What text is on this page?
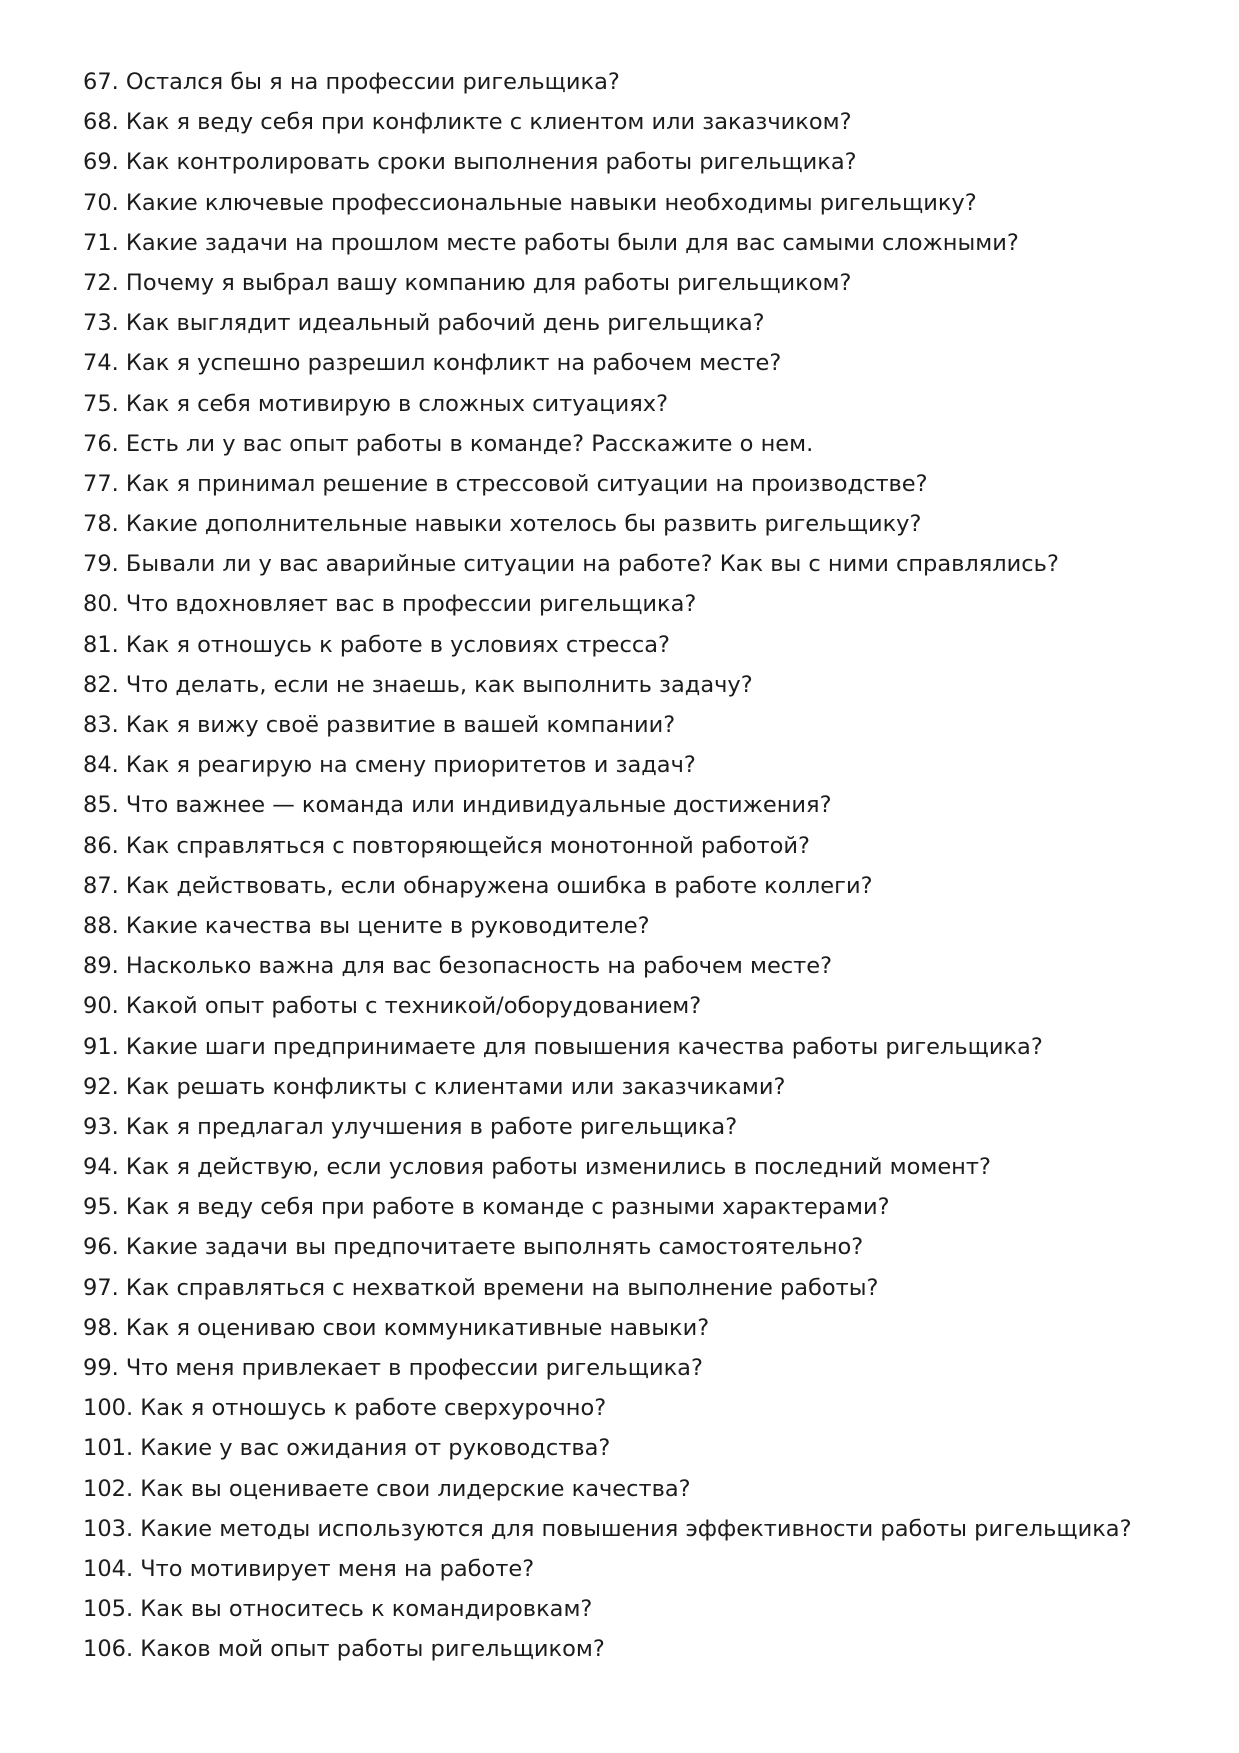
67. Остался бы я на профессии ригельщика?
68. Как я веду себя при конфликте с клиентом или заказчиком?
69. Как контролировать сроки выполнения работы ригельщика?
70. Какие ключевые профессиональные навыки необходимы ригельщику?
71. Какие задачи на прошлом месте работы были для вас самыми сложными?
72. Почему я выбрал вашу компанию для работы ригельщиком?
73. Как выглядит идеальный рабочий день ригельщика?
74. Как я успешно разрешил конфликт на рабочем месте?
75. Как я себя мотивирую в сложных ситуациях?
76. Есть ли у вас опыт работы в команде? Расскажите о нем.
77. Как я принимал решение в стрессовой ситуации на производстве?
78. Какие дополнительные навыки хотелось бы развить ригельщику?
79. Бывали ли у вас аварийные ситуации на работе? Как вы с ними справлялись?
80. Что вдохновляет вас в профессии ригельщика?
81. Как я отношусь к работе в условиях стресса?
82. Что делать, если не знаешь, как выполнить задачу?
83. Как я вижу своё развитие в вашей компании?
84. Как я реагирую на смену приоритетов и задач?
85. Что важнее — команда или индивидуальные достижения?
86. Как справляться с повторяющейся монотонной работой?
87. Как действовать, если обнаружена ошибка в работе коллеги?
88. Какие качества вы цените в руководителе?
89. Насколько важна для вас безопасность на рабочем месте?
90. Какой опыт работы с техникой/оборудованием?
91. Какие шаги предпринимаете для повышения качества работы ригельщика?
92. Как решать конфликты с клиентами или заказчиками?
93. Как я предлагал улучшения в работе ригельщика?
94. Как я действую, если условия работы изменились в последний момент?
95. Как я веду себя при работе в команде с разными характерами?
96. Какие задачи вы предпочитаете выполнять самостоятельно?
97. Как справляться с нехваткой времени на выполнение работы?
98. Как я оцениваю свои коммуникативные навыки?
99. Что меня привлекает в профессии ригельщика?
100. Как я отношусь к работе сверхурочно?
101. Какие у вас ожидания от руководства?
102. Как вы оцениваете свои лидерские качества?
103. Какие методы используются для повышения эффективности работы ригельщика?
104. Что мотивирует меня на работе?
105. Как вы относитесь к командировкам?
106. Каков мой опыт работы ригельщиком?
